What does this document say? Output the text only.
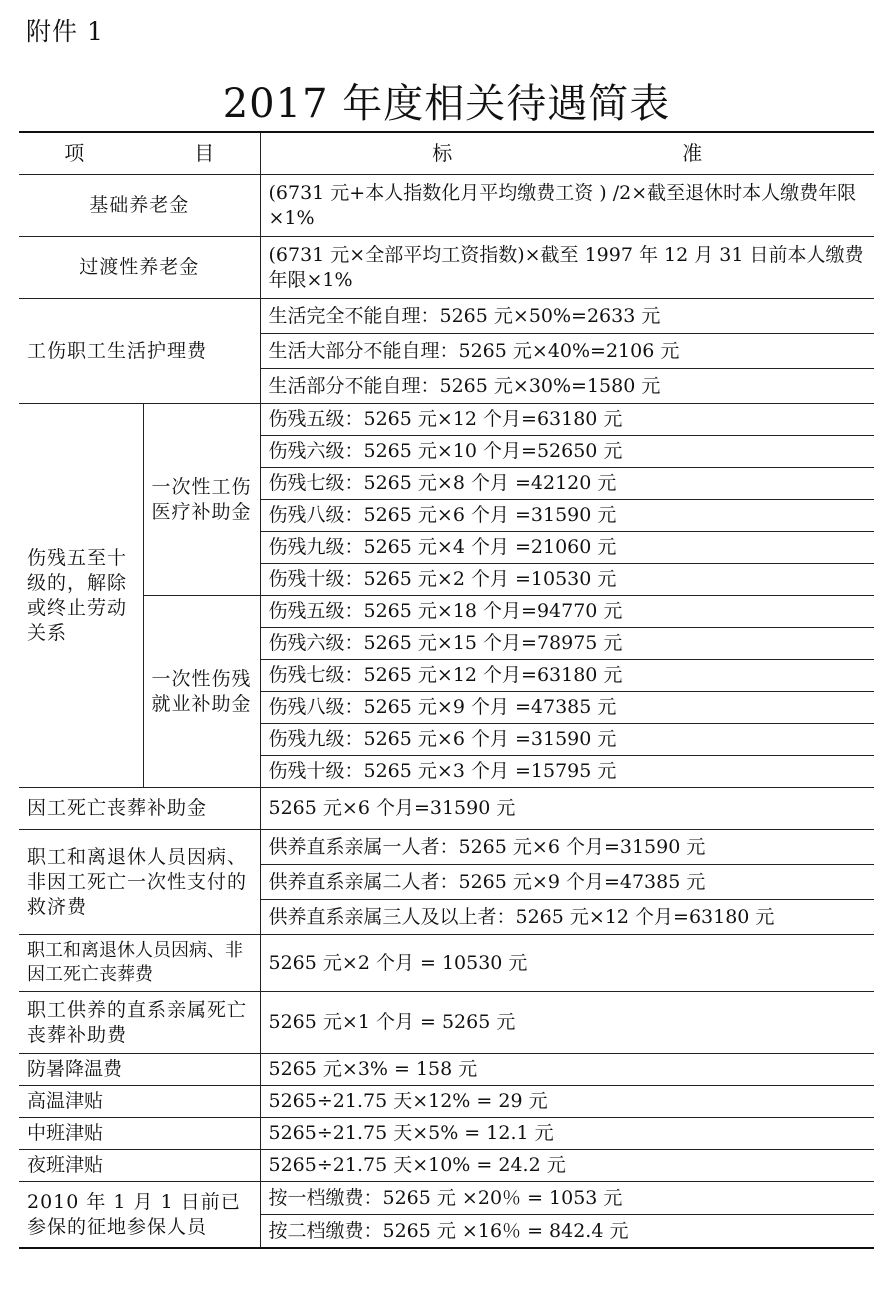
附件 1
2017 年度相关待遇简表
项目		标准
基础养老金		(6731 元+本人指数化月平均缴费工资 ) /2×截至退休时本人缴费年限×1%
过渡性养老金		(6731 元×全部平均工资指数)×截至 1997 年 12 月 31 日前本人缴费年限×1%
工伤职工生活护理费		生活完全不能自理：5265 元×50%=2633 元
		生活大部分不能自理：5265 元×40%=2106 元
		生活部分不能自理：5265 元×30%=1580 元
伤残五至十级的，解除或终止劳动关系	一次性工伤医疗补助金	伤残五级：5265 元×12 个月=63180 元
		伤残六级：5265 元×10 个月=52650 元
		伤残七级：5265 元×8 个月 =42120 元
		伤残八级：5265 元×6 个月 =31590 元
		伤残九级：5265 元×4 个月 =21060 元
		伤残十级：5265 元×2 个月 =10530 元
	一次性伤残就业补助金	伤残五级：5265 元×18 个月=94770 元
		伤残六级：5265 元×15 个月=78975 元
		伤残七级：5265 元×12 个月=63180 元
		伤残八级：5265 元×9 个月 =47385 元
		伤残九级：5265 元×6 个月 =31590 元
		伤残十级：5265 元×3 个月 =15795 元
因工死亡丧葬补助金		5265 元×6 个月=31590 元
职工和离退休人员因病、非因工死亡一次性支付的救济费		供养直系亲属一人者：5265 元×6 个月=31590 元
		供养直系亲属二人者：5265 元×9 个月=47385 元
		供养直系亲属三人及以上者：5265 元×12 个月=63180 元
职工和离退休人员因病、非因工死亡丧葬费		5265 元×2 个月 = 10530 元
职工供养的直系亲属死亡丧葬补助费		5265 元×1 个月 = 5265 元
防暑降温费		5265 元×3% = 158 元
高温津贴		5265÷21.75 天×12% = 29 元
中班津贴		5265÷21.75 天×5% = 12.1 元
夜班津贴		5265÷21.75 天×10% = 24.2 元
2010 年 1 月 1 日前已参保的征地参保人员		按一档缴费：5265 元 ×20％ = 1053 元
		按二档缴费：5265 元 ×16％ = 842.4 元
